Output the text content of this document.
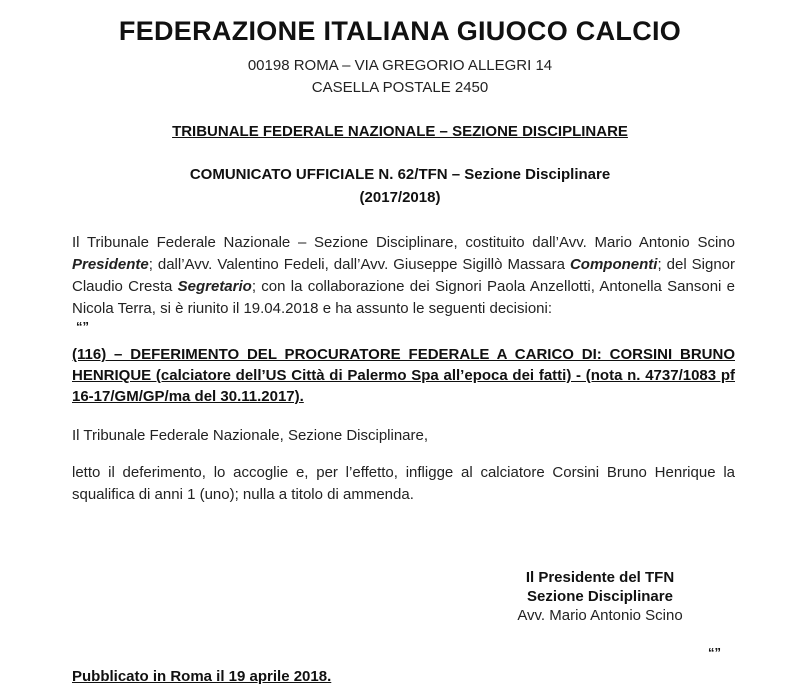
FEDERAZIONE ITALIANA GIUOCO CALCIO
00198 ROMA – VIA GREGORIO ALLEGRI 14
CASELLA POSTALE 2450
TRIBUNALE FEDERALE NAZIONALE – SEZIONE DISCIPLINARE
COMUNICATO UFFICIALE N. 62/TFN – Sezione Disciplinare
(2017/2018)
Il Tribunale Federale Nazionale – Sezione Disciplinare, costituito dall’Avv. Mario Antonio Scino Presidente; dall’Avv. Valentino Fedeli, dall’Avv. Giuseppe Sigillò Massara Componenti; del Signor Claudio Cresta Segretario; con la collaborazione dei Signori Paola Anzellotti, Antonella Sansoni e Nicola Terra, si è riunito il 19.04.2018 e ha assunto le seguenti decisioni:
“”
(116) – DEFERIMENTO DEL PROCURATORE FEDERALE A CARICO DI: CORSINI BRUNO HENRIQUE (calciatore dell’US Città di Palermo Spa all’epoca dei fatti) - (nota n. 4737/1083 pf 16-17/GM/GP/ma del 30.11.2017).
Il Tribunale Federale Nazionale, Sezione Disciplinare,
letto il deferimento, lo accoglie e, per l’effetto, infligge al calciatore Corsini Bruno Henrique la squalifica di anni 1 (uno); nulla a titolo di ammenda.
Il Presidente del TFN
Sezione Disciplinare
Avv. Mario Antonio Scino
“”
Pubblicato in Roma il 19 aprile 2018.
